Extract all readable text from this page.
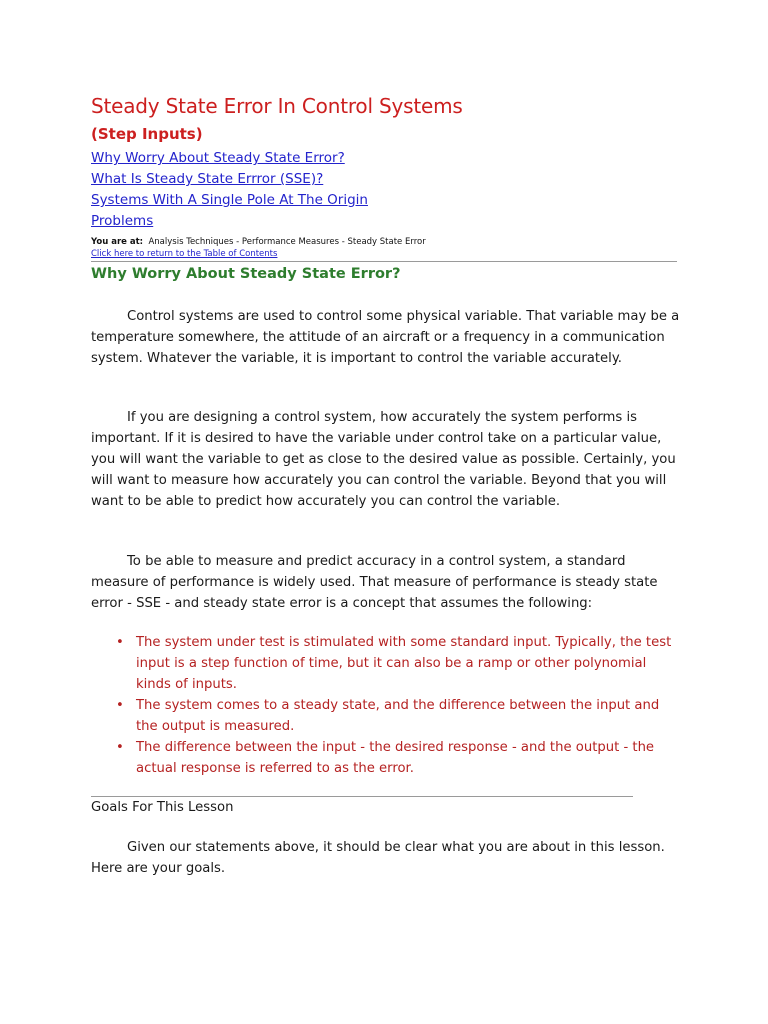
Steady State Error In Control Systems
(Step Inputs)
Why Worry About Steady State Error?
What Is Steady State Errror (SSE)?
Systems With A Single Pole At The Origin
Problems
You are at: Analysis Techniques - Performance Measures - Steady State Error
Click here to return to the Table of Contents
Why Worry About Steady State Error?

Control systems are used to control some physical variable. That variable may be a temperature somewhere, the attitude of an aircraft or a frequency in a communication system. Whatever the variable, it is important to control the variable accurately.

If you are designing a control system, how accurately the system performs is important. If it is desired to have the variable under control take on a particular value, you will want the variable to get as close to the desired value as possible. Certainly, you will want to measure how accurately you can control the variable. Beyond that you will want to be able to predict how accurately you can control the variable.

To be able to measure and predict accuracy in a control system, a standard measure of performance is widely used. That measure of performance is steady state error - SSE - and steady state error is a concept that assumes the following:

• The system under test is stimulated with some standard input. Typically, the test input is a step function of time, but it can also be a ramp or other polynomial kinds of inputs.
• The system comes to a steady state, and the difference between the input and the output is measured.
• The difference between the input - the desired response - and the output - the actual response is referred to as the error.
Goals For This Lesson

Given our statements above, it should be clear what you are about in this lesson. Here are your goals.
